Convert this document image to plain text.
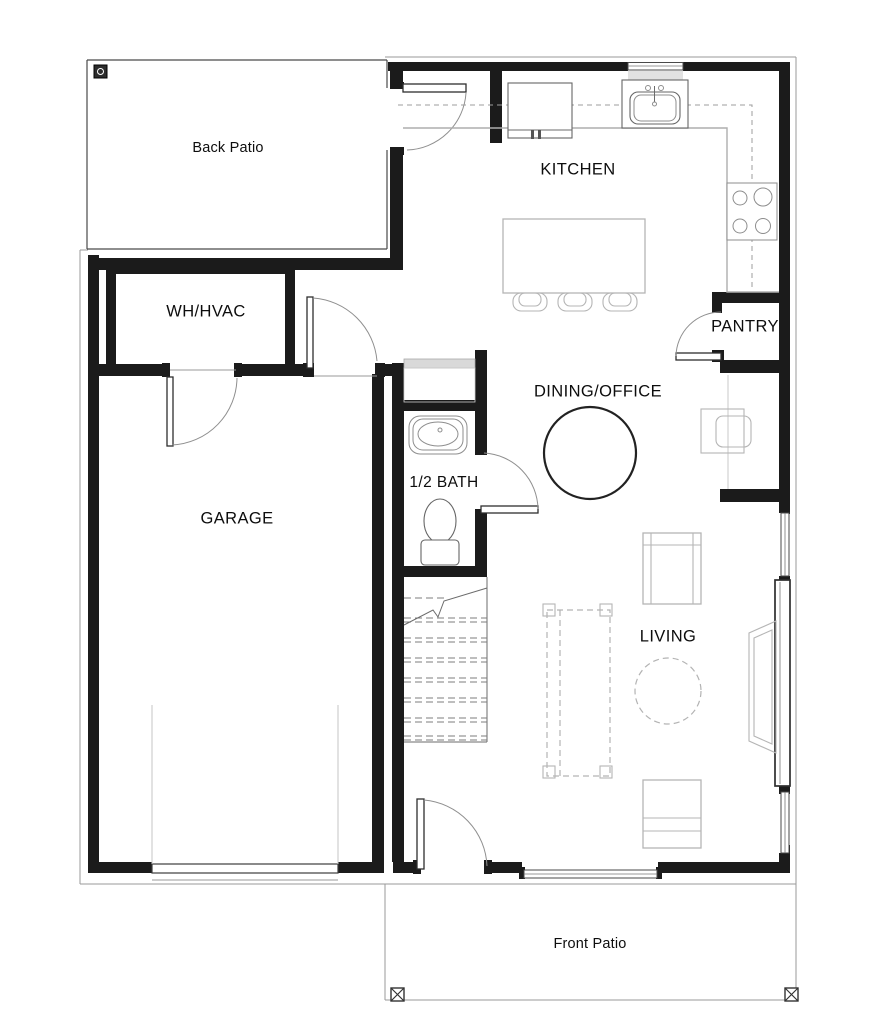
Back Patio
KITCHEN
WH/HVAC
PANTRY
DINING/OFFICE
1/2 BATH
GARAGE
LIVING
Front Patio
